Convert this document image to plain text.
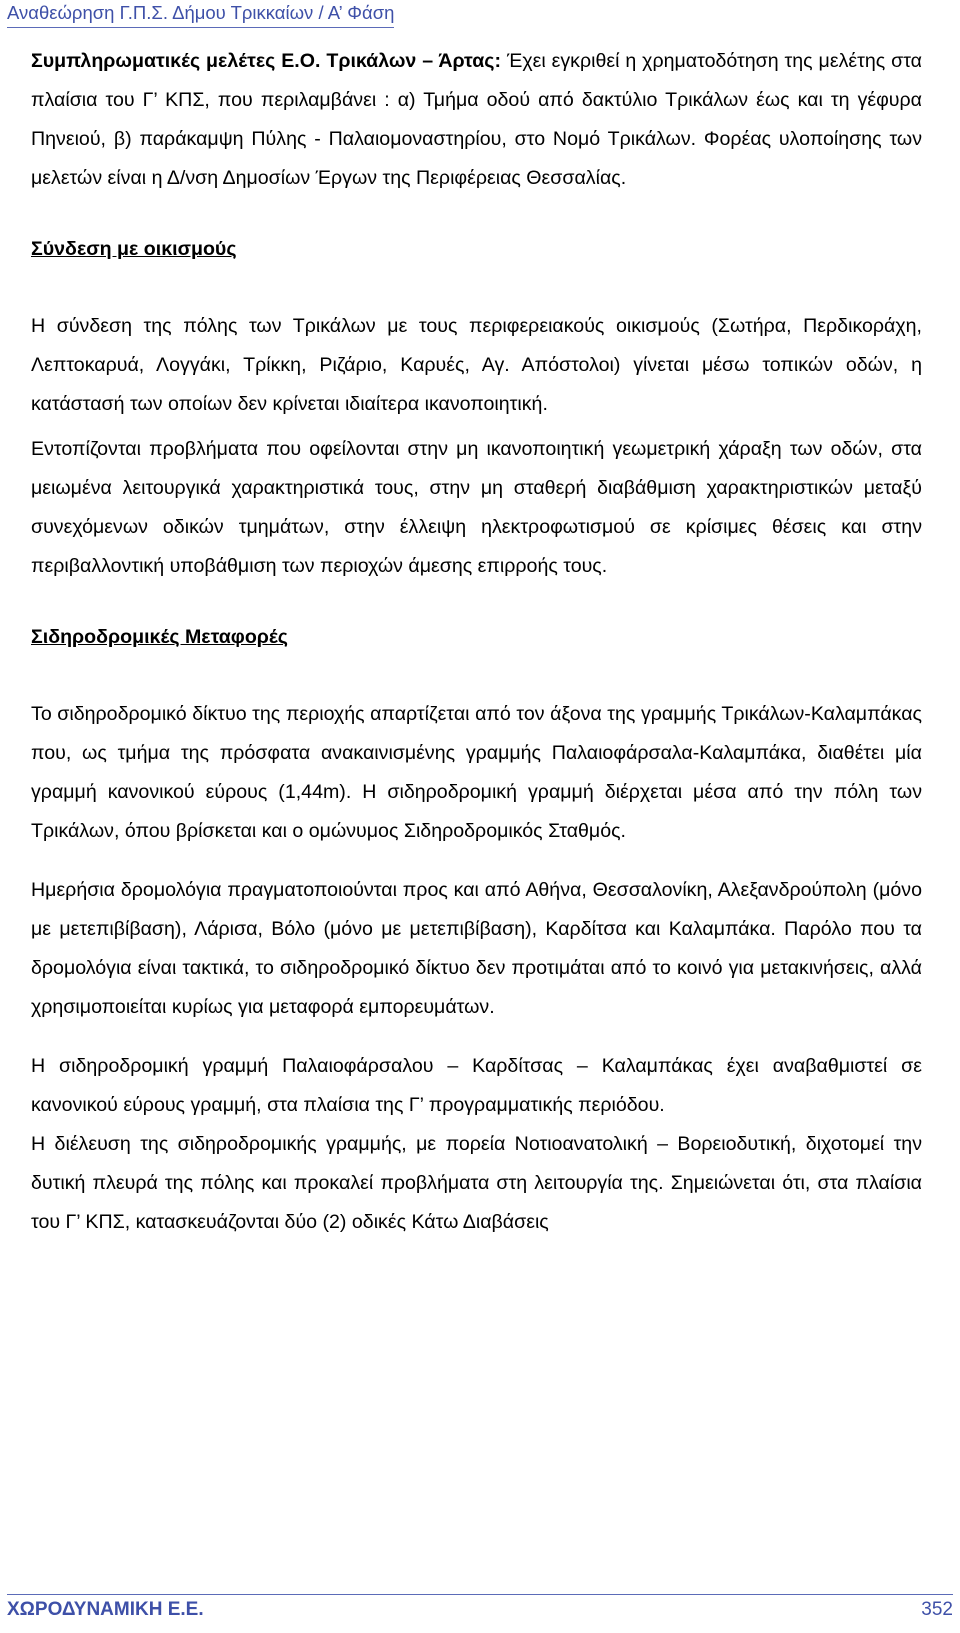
Αναθεώρηση Γ.Π.Σ. Δήμου Τρικκαίων / Α’ Φάση

Συμπληρωματικές μελέτες Ε.Ο. Τρικάλων – Άρτας: Έχει εγκριθεί η χρηματοδότηση της μελέτης στα πλαίσια του Γ’ ΚΠΣ, που περιλαμβάνει : α) Τμήμα οδού από δακτύλιο Τρικάλων έως και τη γέφυρα Πηνειού, β) παράκαμψη Πύλης - Παλαιομοναστηρίου, στο Νομό Τρικάλων. Φορέας υλοποίησης των μελετών είναι η Δ/νση Δημοσίων Έργων της Περιφέρειας Θεσσαλίας.

Σύνδεση με οικισμούς

Η σύνδεση της πόλης των Τρικάλων με τους περιφερειακούς οικισμούς (Σωτήρα, Περδικοράχη, Λεπτοκαρυά, Λογγάκι, Τρίκκη, Ριζάριο, Καρυές, Αγ. Απόστολοι) γίνεται μέσω τοπικών οδών, η κατάστασή των οποίων δεν κρίνεται ιδιαίτερα ικανοποιητική.

Εντοπίζονται προβλήματα που οφείλονται στην μη ικανοποιητική γεωμετρική χάραξη των οδών, στα μειωμένα λειτουργικά χαρακτηριστικά τους, στην μη σταθερή διαβάθμιση χαρακτηριστικών μεταξύ συνεχόμενων οδικών τμημάτων, στην έλλειψη ηλεκτροφωτισμού σε κρίσιμες θέσεις και στην περιβαλλοντική υποβάθμιση των περιοχών άμεσης επιρροής τους.

Σιδηροδρομικές Μεταφορές

Το σιδηροδρομικό δίκτυο της περιοχής απαρτίζεται από τον άξονα της γραμμής Τρικάλων-Καλαμπάκας που, ως τμήμα της πρόσφατα ανακαινισμένης γραμμής Παλαιοφάρσαλα-Καλαμπάκα, διαθέτει μία γραμμή κανονικού εύρους (1,44m). Η σιδηροδρομική γραμμή διέρχεται μέσα από την πόλη των Τρικάλων, όπου βρίσκεται και ο ομώνυμος Σιδηροδρομικός Σταθμός.

Ημερήσια δρομολόγια πραγματοποιούνται προς και από Αθήνα, Θεσσαλονίκη, Αλεξανδρούπολη (μόνο με μετεπιβίβαση), Λάρισα, Βόλο (μόνο με μετεπιβίβαση), Καρδίτσα και Καλαμπάκα. Παρόλο που τα δρομολόγια είναι τακτικά, το σιδηροδρομικό δίκτυο δεν προτιμάται από το κοινό για μετακινήσεις, αλλά χρησιμοποιείται κυρίως για μεταφορά εμπορευμάτων.

Η σιδηροδρομική γραμμή Παλαιοφάρσαλου – Καρδίτσας – Καλαμπάκας έχει αναβαθμιστεί σε κανονικού εύρους γραμμή, στα πλαίσια της Γ’ προγραμματικής περιόδου.

Η διέλευση της σιδηροδρομικής γραμμής, με πορεία Νοτιοανατολική – Βορειοδυτική, διχοτομεί την δυτική πλευρά της πόλης και προκαλεί προβλήματα στη λειτουργία της. Σημειώνεται ότι, στα πλαίσια του Γ’ ΚΠΣ, κατασκευάζονται δύο (2) οδικές Κάτω Διαβάσεις

ΧΩΡΟΔΥΝΑΜΙΚΗ Ε.Ε.	352
